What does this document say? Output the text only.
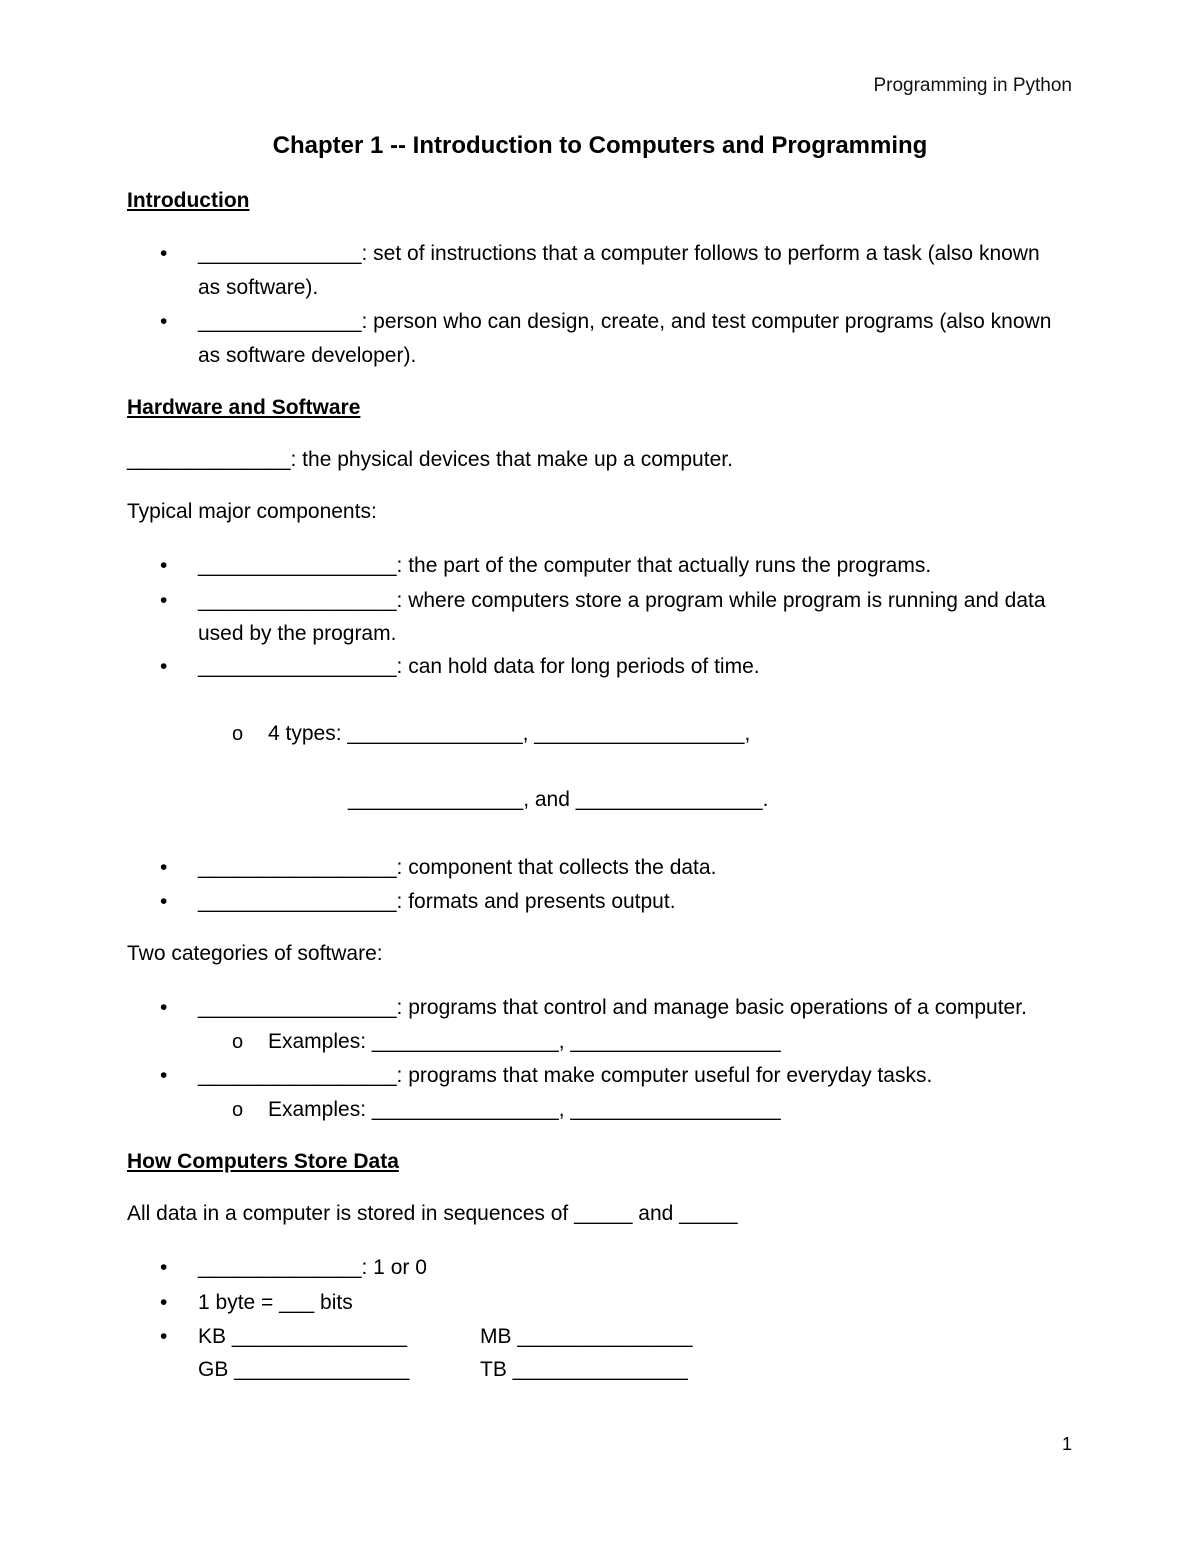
Programming in Python
Chapter 1 -- Introduction to Computers and Programming
Introduction
• ______________: set of instructions that a computer follows to perform a task (also known
as software).
• ______________: person who can design, create, and test computer programs (also known
as software developer).
Hardware and Software
______________: the physical devices that make up a computer.
Typical major components:
• _________________: the part of the computer that actually runs the programs.
• _________________: where computers store a program while program is running and data
used by the program.
• _________________: can hold data for long periods of time.
o 4 types: _______________, __________________,
_______________, and ________________.
• _________________: component that collects the data.
• _________________: formats and presents output.
Two categories of software:
• _________________: programs that control and manage basic operations of a computer.
o Examples: ________________, __________________
• _________________: programs that make computer useful for everyday tasks.
o Examples: ________________, __________________
How Computers Store Data
All data in a computer is stored in sequences of _____ and _____
• ______________: 1 or 0
• 1 byte = ___ bits
• KB _______________	MB _______________
GB _______________	TB _______________
1
